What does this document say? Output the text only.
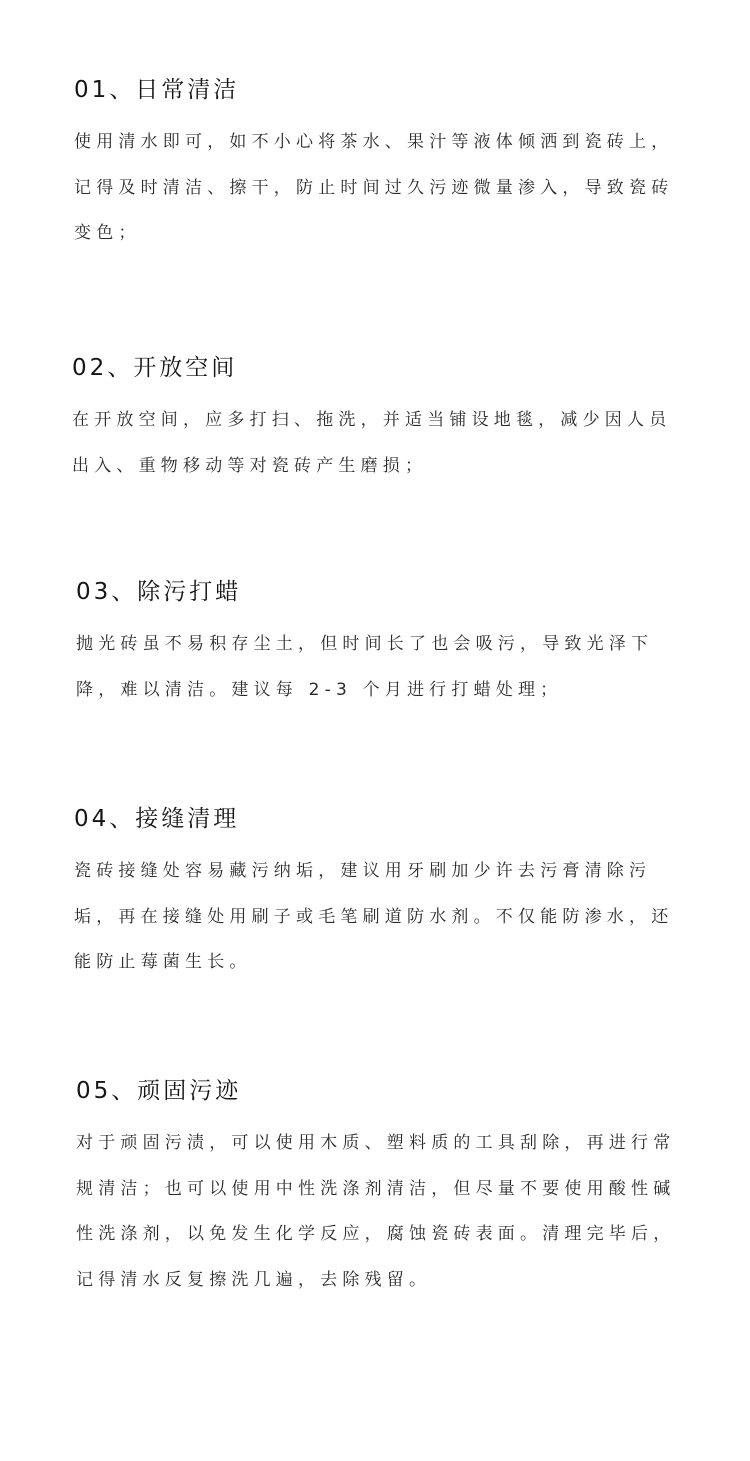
01、日常清洁

使用清水即可，如不小心将茶水、果汁等液体倾洒到瓷砖上，记得及时清洁、擦干，防止时间过久污迹微量渗入，导致瓷砖变色；

02、开放空间

在开放空间，应多打扫、拖洗，并适当铺设地毯，减少因人员出入、重物移动等对瓷砖产生磨损；

03、除污打蜡

抛光砖虽不易积存尘土，但时间长了也会吸污，导致光泽下降，难以清洁。建议每 2-3 个月进行打蜡处理；

04、接缝清理

瓷砖接缝处容易藏污纳垢，建议用牙刷加少许去污膏清除污垢，再在接缝处用刷子或毛笔刷道防水剂。不仅能防渗水，还能防止莓菌生长。

05、顽固污迹

对于顽固污渍，可以使用木质、塑料质的工具刮除，再进行常规清洁；也可以使用中性洗涤剂清洁，但尽量不要使用酸性碱性洗涤剂，以免发生化学反应，腐蚀瓷砖表面。清理完毕后，记得清水反复擦洗几遍，去除残留。
